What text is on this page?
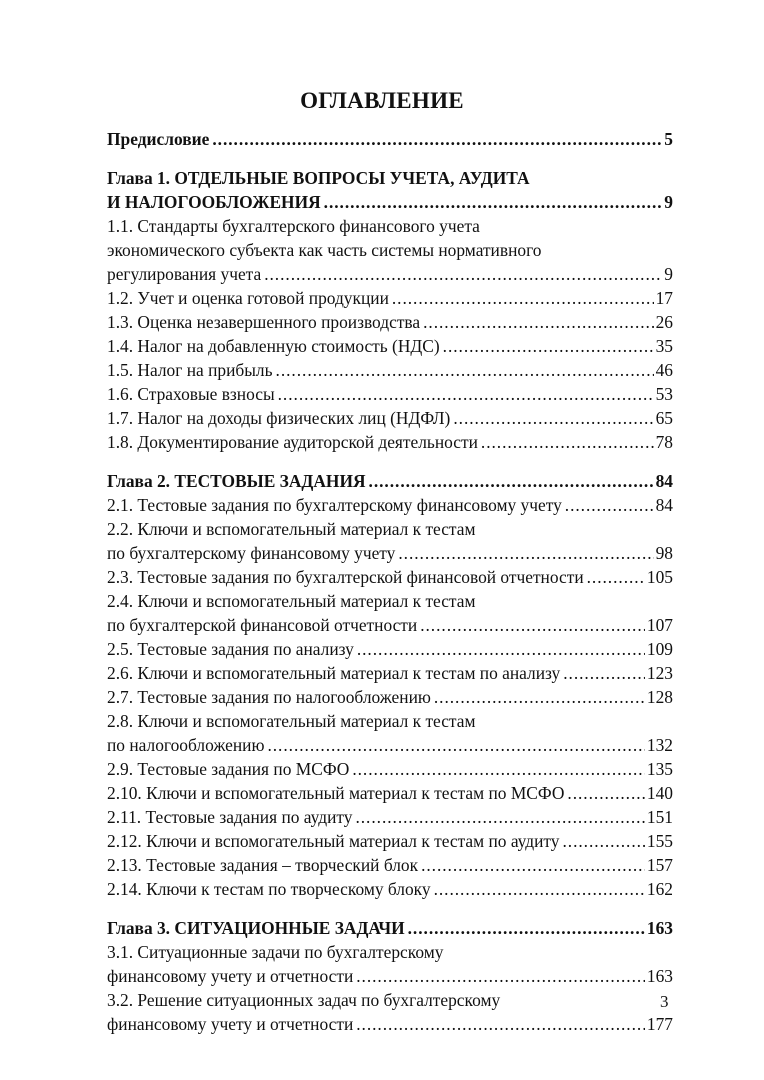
ОГЛАВЛЕНИЕ
Предисловие . . .	5
Глава 1. ОТДЕЛЬНЫЕ ВОПРОСЫ УЧЕТА, АУДИТА
И НАЛОГООБЛОЖЕНИЯ . . .	9
1.1. Стандарты бухгалтерского финансового учета
экономического субъекта как часть системы нормативного
регулирования учета . . .	9
1.2. Учет и оценка готовой продукции . . .	17
1.3. Оценка незавершенного производства . . .	26
1.4. Налог на добавленную стоимость (НДС) . . .	35
1.5. Налог на прибыль . . .	46
1.6. Страховые взносы . . .	53
1.7. Налог на доходы физических лиц (НДФЛ) . . .	65
1.8. Документирование аудиторской деятельности . . .	78
Глава 2. ТЕСТОВЫЕ ЗАДАНИЯ . . .	84
2.1. Тестовые задания по бухгалтерскому финансовому учету . . .	84
2.2. Ключи и вспомогательный материал к тестам
по бухгалтерскому финансовому учету . . .	98
2.3. Тестовые задания по бухгалтерской финансовой отчетности . . .	105
2.4. Ключи и вспомогательный материал к тестам
по бухгалтерской финансовой отчетности . . .	107
2.5. Тестовые задания по анализу . . .	109
2.6. Ключи и вспомогательный материал к тестам по анализу . . .	123
2.7. Тестовые задания по налогообложению . . .	128
2.8. Ключи и вспомогательный материал к тестам
по налогообложению . . .	132
2.9. Тестовые задания по МСФО . . .	135
2.10. Ключи и вспомогательный материал к тестам по МСФО . . .	140
2.11. Тестовые задания по аудиту . . .	151
2.12. Ключи и вспомогательный материал к тестам по аудиту . . .	155
2.13. Тестовые задания – творческий блок . . .	157
2.14. Ключи к тестам по творческому блоку . . .	162
Глава 3. СИТУАЦИОННЫЕ ЗАДАЧИ . . .	163
3.1. Ситуационные задачи по бухгалтерскому
финансовому учету и отчетности . . .	163
3.2. Решение ситуационных задач по бухгалтерскому
финансовому учету и отчетности . . .	177
3
